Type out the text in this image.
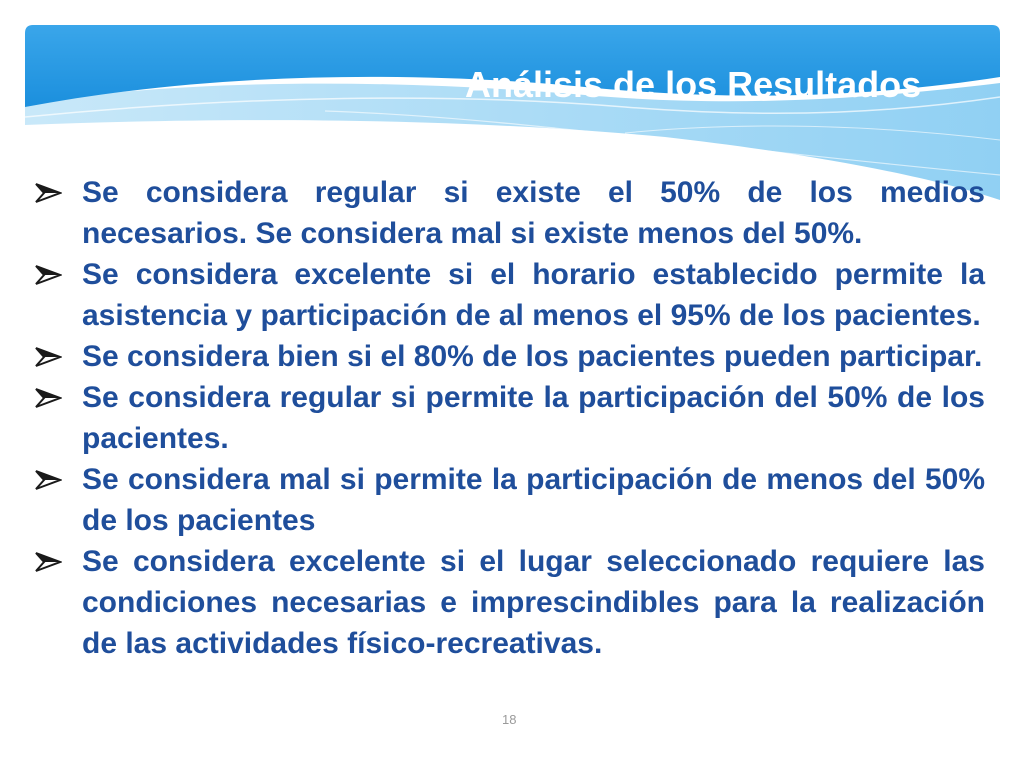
Análisis de los Resultados
Se considera regular si existe el 50% de los medios necesarios. Se considera mal si existe menos del 50%.
Se considera excelente si el horario establecido permite la asistencia y participación de al menos el 95% de los pacientes.
Se considera bien si el 80% de los pacientes pueden participar.
Se considera regular si permite la participación del 50% de los pacientes.
Se considera mal si permite la participación de menos del 50% de los pacientes
Se considera excelente si el lugar seleccionado requiere las condiciones necesarias e imprescindibles para la realización de las actividades físico-recreativas.
18
